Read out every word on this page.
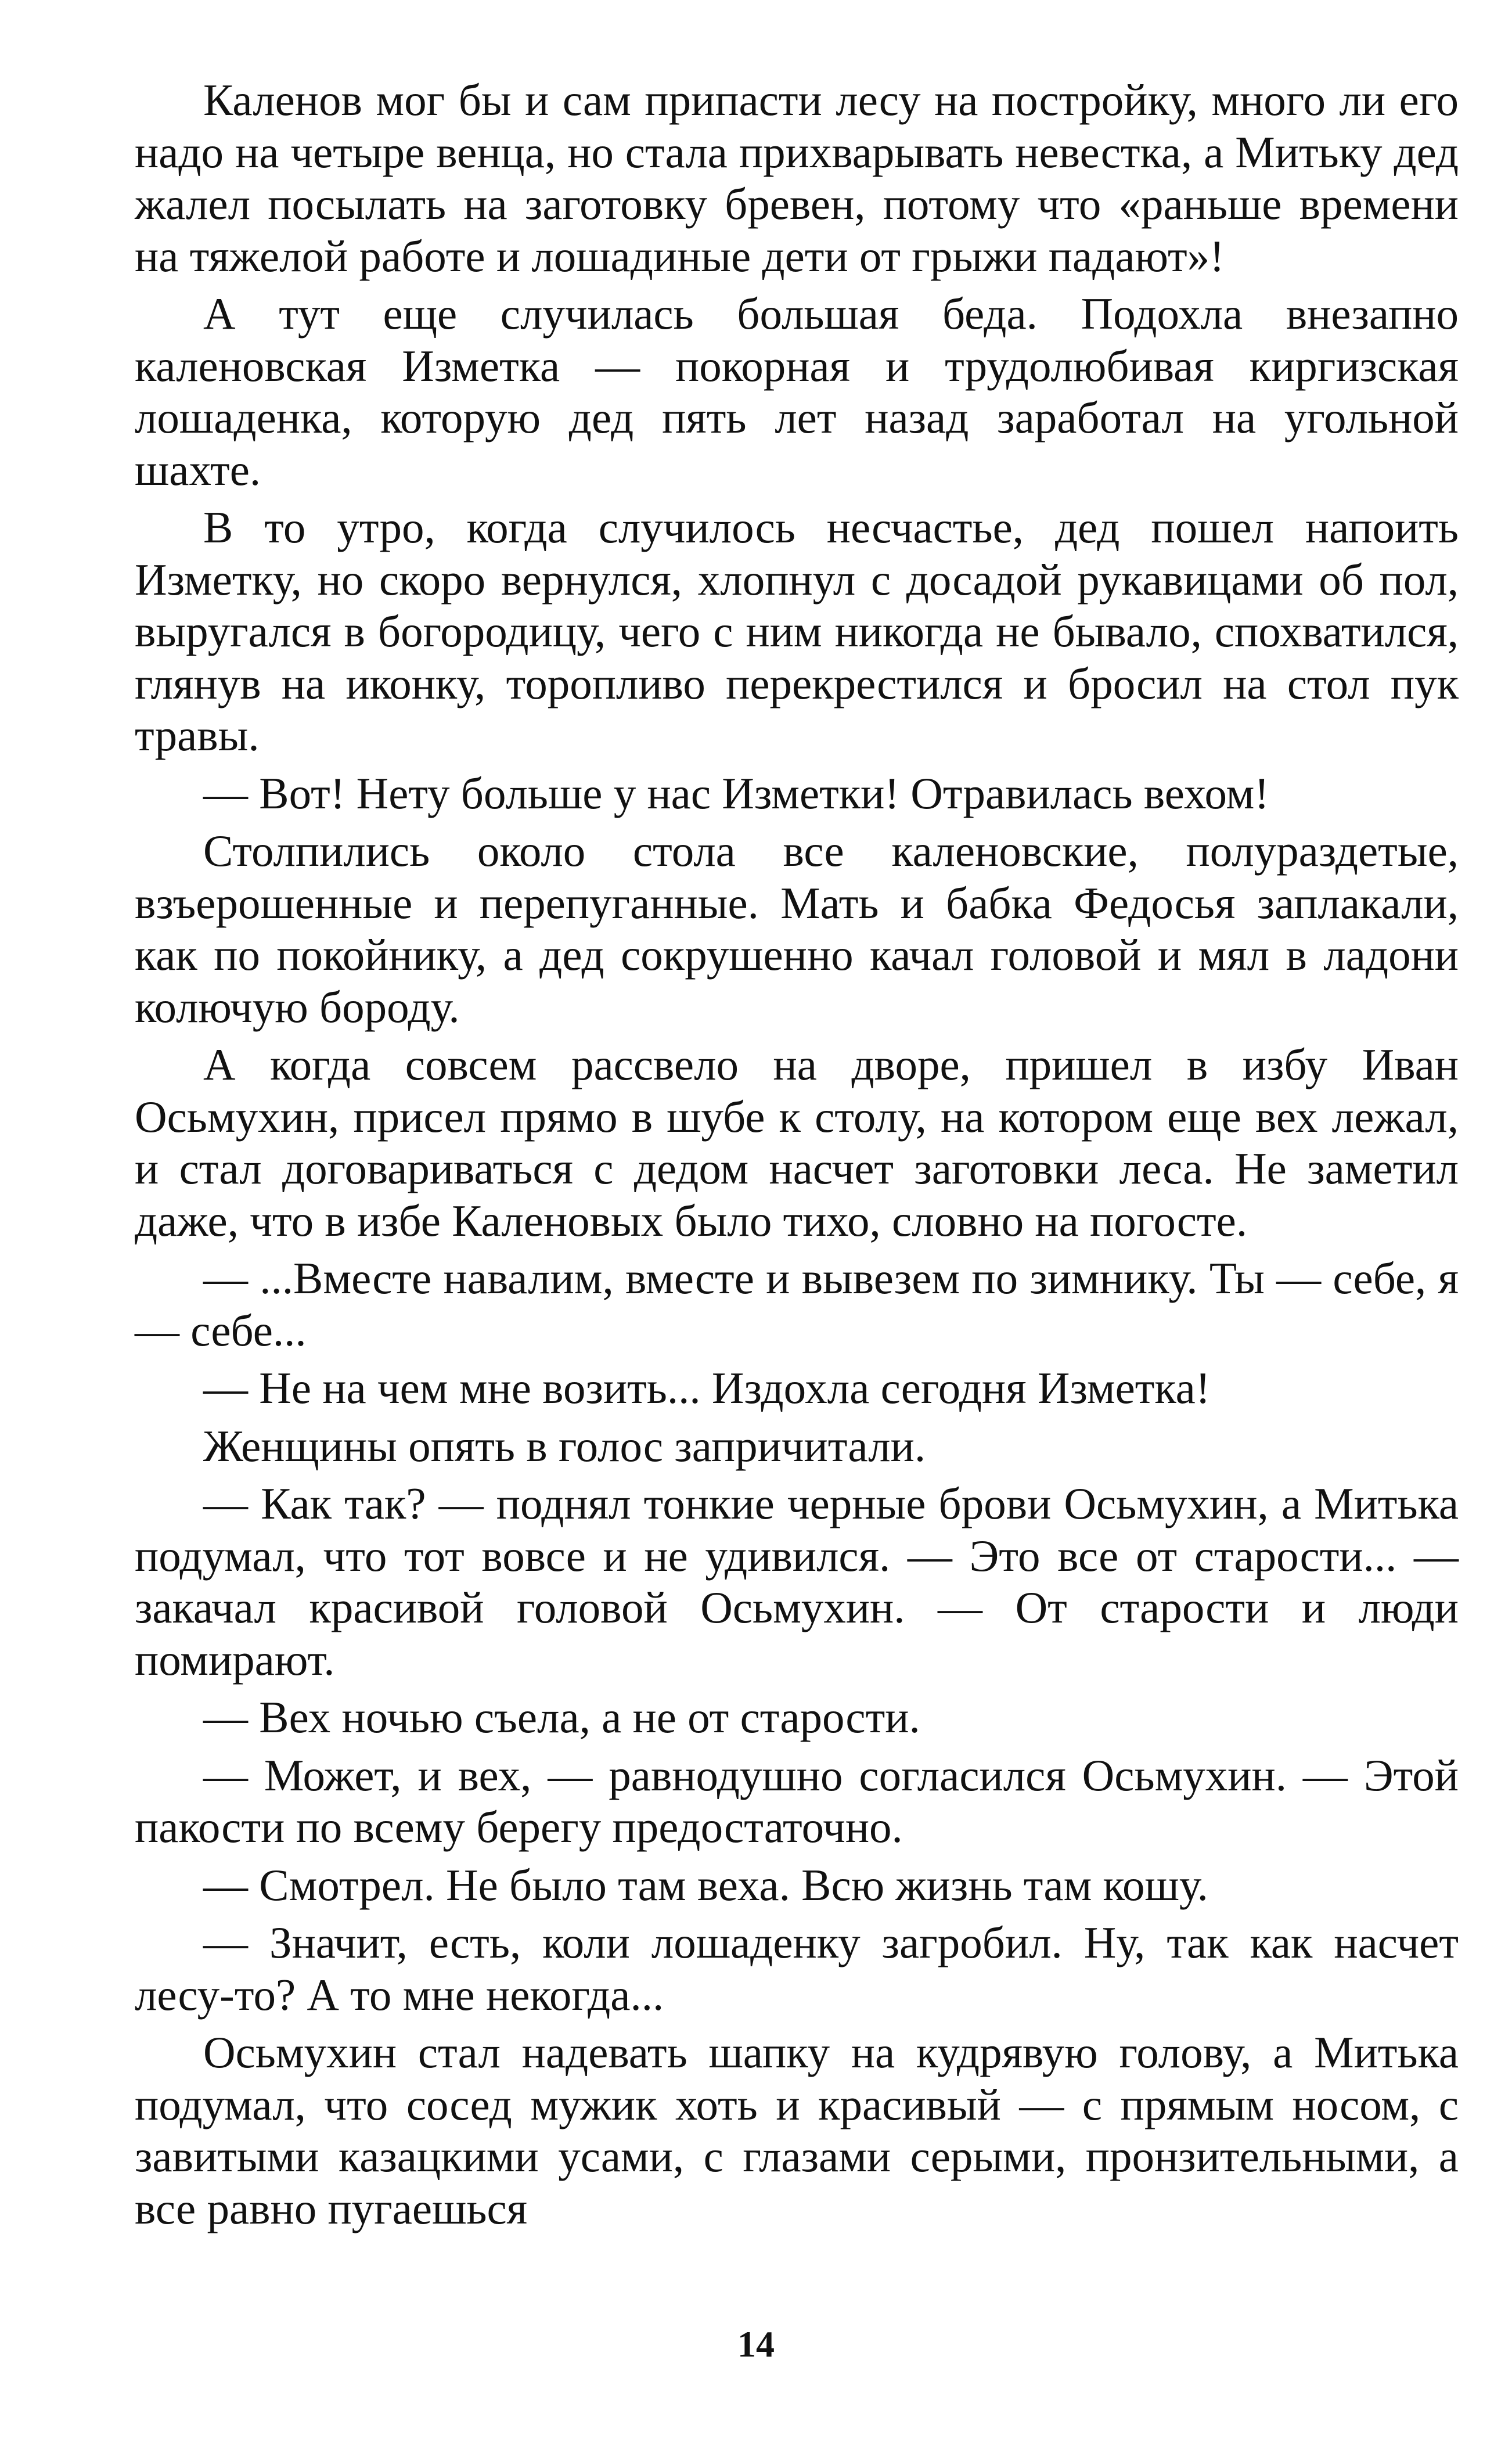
Каленов мог бы и сам припасти лесу на постройку, много ли его надо на четыре венца, но стала прихварывать невестка, а Митьку дед жалел посылать на заготовку бревен, потому что «раньше времени на тяжелой работе и лошадиные дети от грыжи падают»!

А тут еще случилась большая беда. Подохла внезапно каленовская Изметка — покорная и трудолюбивая киргизская лошаденка, которую дед пять лет назад заработал на угольной шахте.

В то утро, когда случилось несчастье, дед пошел напоить Изметку, но скоро вернулся, хлопнул с досадой рукавицами об пол, выругался в богородицу, чего с ним никогда не бывало, спохватился, глянув на иконку, торопливо перекрестился и бросил на стол пук травы.

— Вот! Нету больше у нас Изметки! Отравилась вехом!

Столпились около стола все каленовские, полураздетые, взъерошенные и перепуганные. Мать и бабка Федосья заплакали, как по покойнику, а дед сокрушенно качал головой и мял в ладони колючую бороду.

А когда совсем рассвело на дворе, пришел в избу Иван Осьмухин, присел прямо в шубе к столу, на котором еще вех лежал, и стал договариваться с дедом насчет заготовки леса. Не заметил даже, что в избе Каленовых было тихо, словно на погосте.

— ...Вместе навалим, вместе и вывезем по зимнику. Ты — себе, я — себе...

— Не на чем мне возить... Издохла сегодня Изметка!

Женщины опять в голос запричитали.

— Как так? — поднял тонкие черные брови Осьмухин, а Митька подумал, что тот вовсе и не удивился. — Это все от старости... — закачал красивой головой Осьмухин. — От старости и люди помирают.

— Вех ночью съела, а не от старости.

— Может, и вех, — равнодушно согласился Осьмухин. — Этой пакости по всему берегу предостаточно.

— Смотрел. Не было там веха. Всю жизнь там кошу.

— Значит, есть, коли лошаденку загробил. Ну, так как насчет лесу-то? А то мне некогда...

Осьмухин стал надевать шапку на кудрявую голову, а Митька подумал, что сосед мужик хоть и красивый — с прямым носом, с завитыми казацкими усами, с глазами серыми, пронзительными, а все равно пугаешься

14
